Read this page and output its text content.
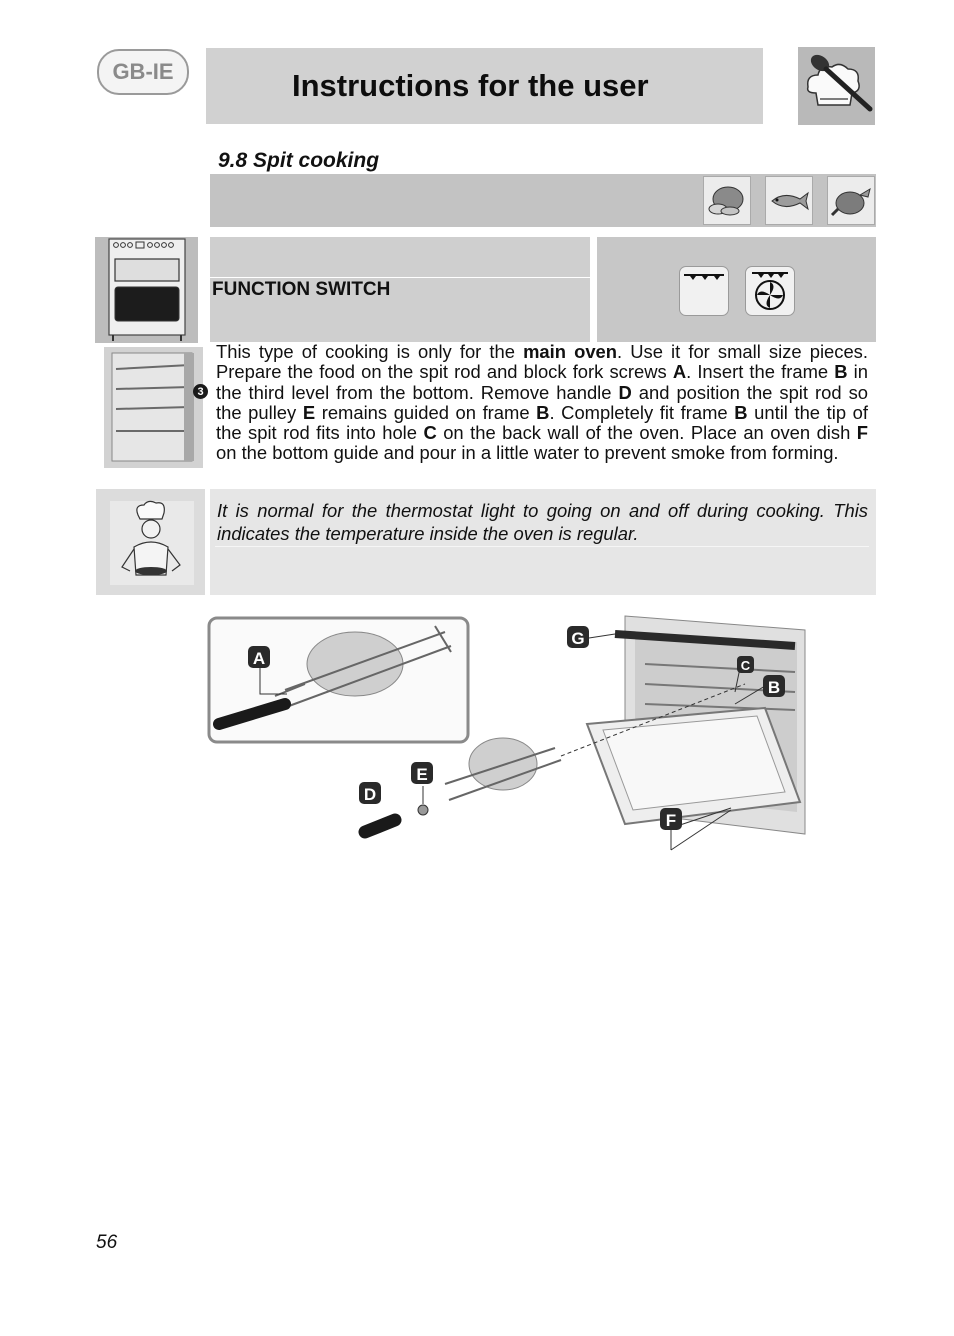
GB-IE	Instructions for the user
9.8 Spit cooking
FUNCTION SWITCH
3
This type of cooking is only for the main oven. Use it for small size pieces. Prepare the food on the spit rod and block fork screws A. Insert the frame B in the third level from the bottom. Remove handle D and position the spit rod so the pulley E remains guided on frame B. Completely fit frame B until the tip of the spit rod fits into hole C on the back wall of the oven. Place an oven dish F on the bottom guide and pour in a little water to prevent smoke from forming.
It is normal for the thermostat light to going on and off during cooking. This indicates the temperature inside the oven is regular.
A
G
C
B
E
D
F
56
